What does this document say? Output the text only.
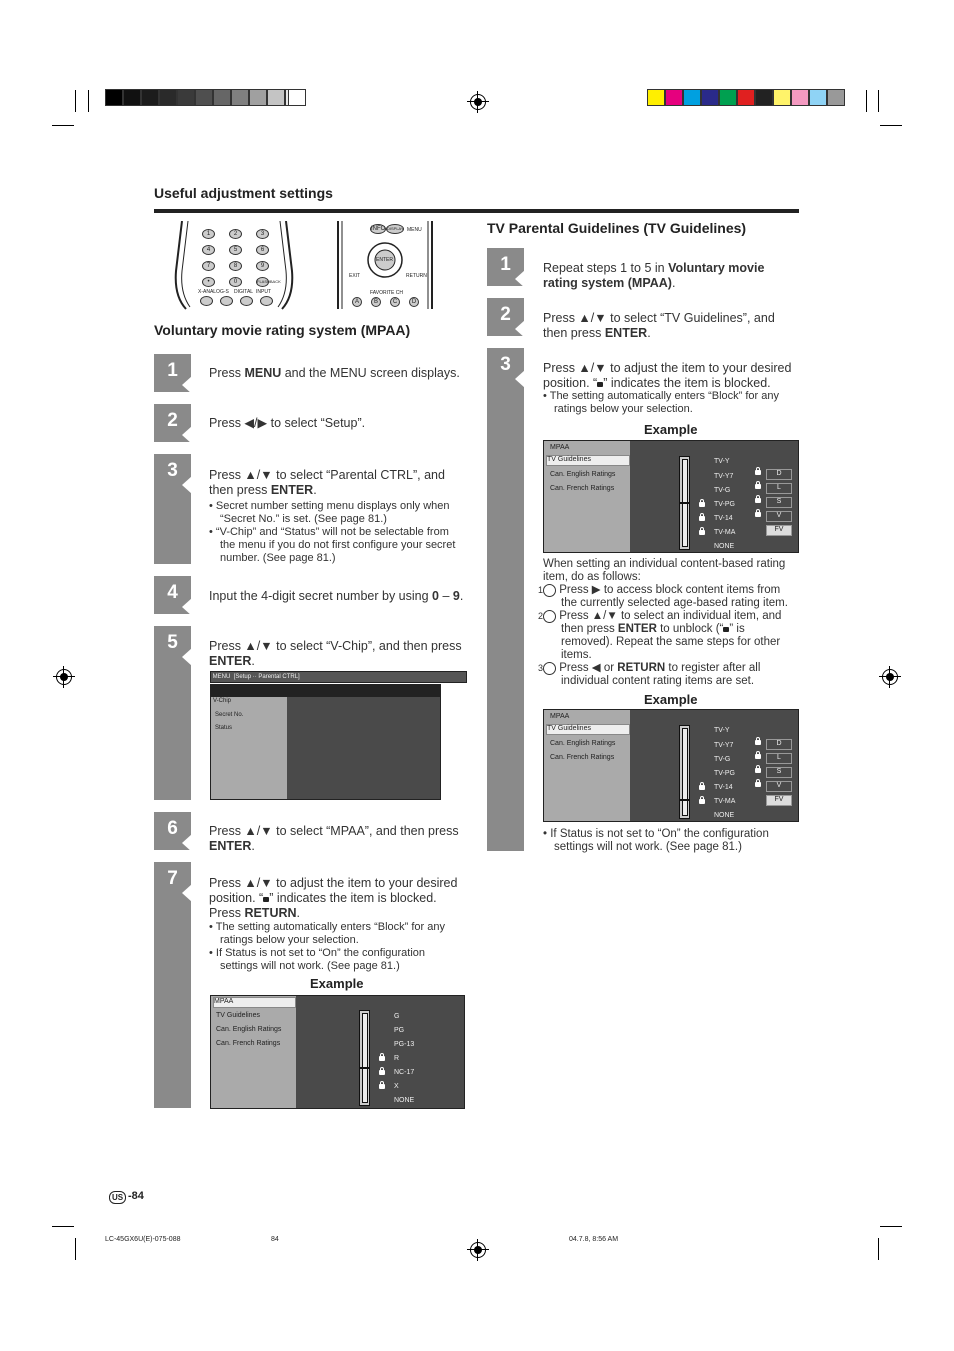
Useful adjustment settings
1	2	3
4	5	6
7	8	9
0
•	FLASHBACK
X-ANALOG-S DIGITAL INPUT
INFO DISPLAY MENU
ENTER
EXIT	RETURN
FAVORITE CH
A	B	C	D
Voluntary movie rating system (MPAA)
1	Press MENU and the MENU screen displays.
2	Press ◀/▶ to select “Setup”.
3	Press ▲/▼ to select “Parental CTRL”, and then press ENTER.
• Secret number setting menu displays only when “Secret No.” is set. (See page 81.)
• “V-Chip” and “Status” will not be selectable from the menu if you do not first configure your secret number. (See page 81.)
4	Input the 4-digit secret number by using 0 – 9.
5	Press ▲/▼ to select “V-Chip”, and then press ENTER.
MENU [Setup ·· Parental CTRL]
V-Chip
Secret No.
Status
6	Press ▲/▼ to select “MPAA”, and then press ENTER.
7	Press ▲/▼ to adjust the item to your desired position. “ ” indicates the item is blocked. Press RETURN.
• The setting automatically enters “Block” for any ratings below your selection.
• If Status is not set to “On” the configuration settings will not work. (See page 81.)
Example
MPAA
TV Guidelines
Can. English Ratings
Can. French Ratings
G
PG
PG-13
R
NC-17
X
NONE
TV Parental Guidelines (TV Guidelines)
1	Repeat steps 1 to 5 in Voluntary movie rating system (MPAA).
2	Press ▲/▼ to select “TV Guidelines”, and then press ENTER.
3	Press ▲/▼ to adjust the item to your desired position. “ ” indicates the item is blocked.
• The setting automatically enters “Block” for any ratings below your selection.
Example
MPAA
TV Guidelines
Can. English Ratings
Can. French Ratings
TV-Y
TV-Y7
TV-G
TV-PG
TV-14
TV-MA
NONE
D
L
S
V
FV
When setting an individual content-based rating item, do as follows:
1 Press ▶ to access block content items from the currently selected age-based rating item.
2 Press ▲/▼ to select an individual item, and then press ENTER to unblock (“ ” is removed). Repeat the same steps for other items.
3 Press ◀ or RETURN to register after all individual content rating items are set.
Example
MPAA
TV Guidelines
Can. English Ratings
Can. French Ratings
TV-Y
TV-Y7
TV-G
TV-PG
TV-14
TV-MA
NONE
D
L
S
V
FV
• If Status is not set to “On” the configuration settings will not work. (See page 81.)
US -84
LC-45GX6U(E)-075-088	84	04.7.8, 8:56 AM
